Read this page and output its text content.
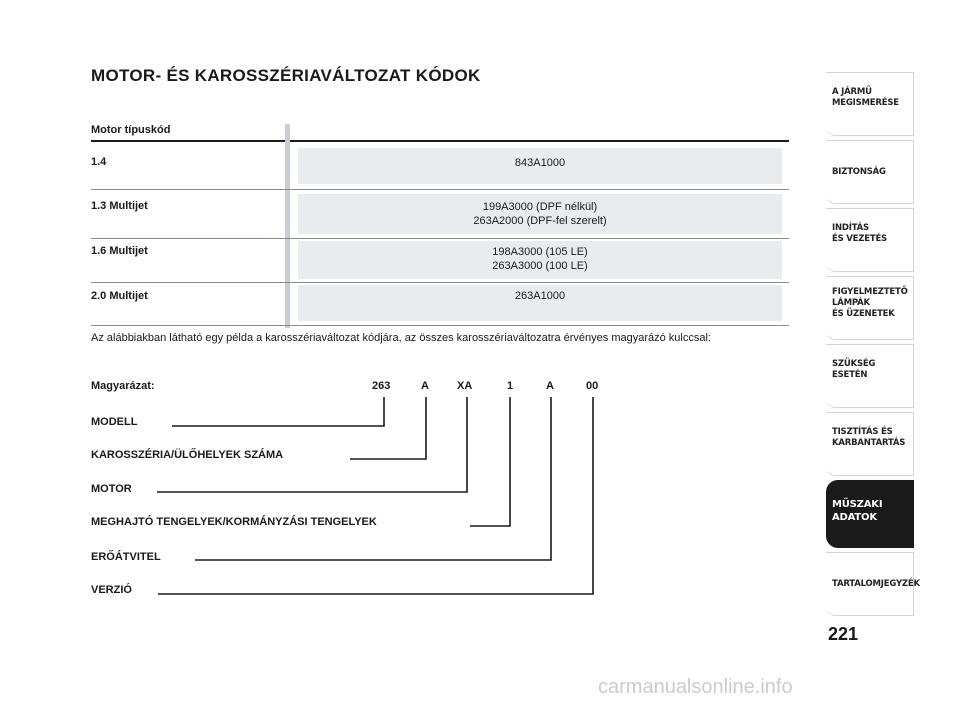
MOTOR- ÉS KAROSSZÉRIAVÁLTOZAT KÓDOK
Motor típuskód
1.4	843A1000
1.3 Multijet	199A3000 (DPF nélkül)
263A2000 (DPF-fel szerelt)
1.6 Multijet	198A3000 (105 LE)
263A3000 (100 LE)
2.0 Multijet	263A1000
Az alábbiakban látható egy példa a karosszériaváltozat kódjára, az összes karosszériaváltozatra érvényes magyarázó kulccsal:
Magyarázat:	263	A	XA	1	A	00
MODELL
KAROSSZÉRIA/ÜLŐHELYEK SZÁMA
MOTOR
MEGHAJTÓ TENGELYEK/KORMÁNYZÁSI TENGELYEK
ERŐÁTVITEL
VERZIÓ
A JÁRMŰ
MEGISMERÉSE
BIZTONSÁG
INDÍTÁS
ÉS VEZETÉS
FIGYELMEZTETŐ
LÁMPÁK
ÉS ÜZENETEK
SZÜKSÉG
ESETÉN
TISZTÍTÁS ÉS
KARBANTARTÁS
MŰSZAKI
ADATOK
TARTALOMJEGYZÉK
221
carmanualsonline.info
